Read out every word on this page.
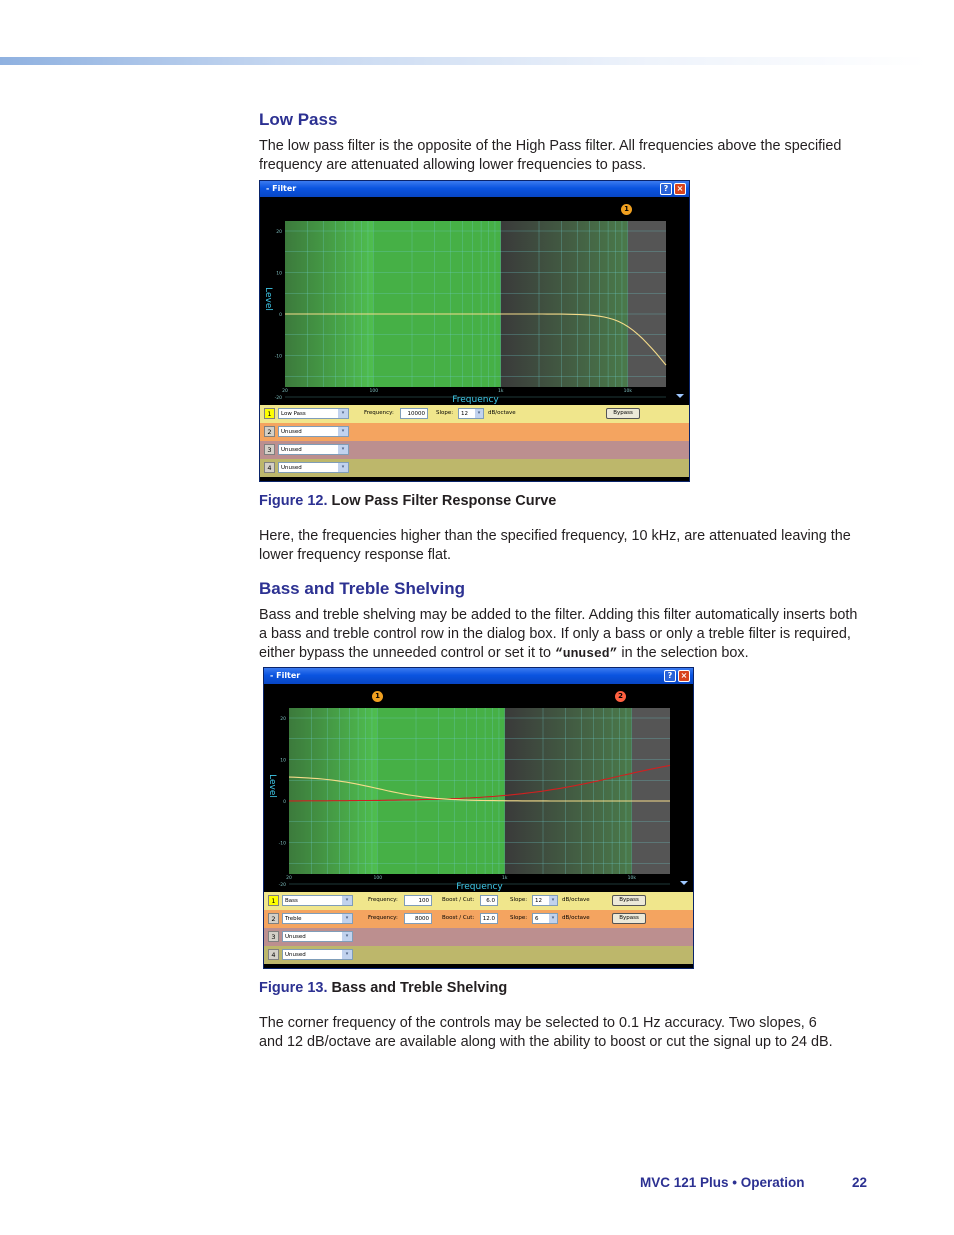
Low Pass

The low pass filter is the opposite of the High Pass filter. All frequencies above the specified frequency are attenuated allowing lower frequencies to pass.

- Filter	?	×
20
10
0
-10
-20
20	100	1k	10k
Level
Frequency
1
1	Low Pass	▾	Frequency:	10000	Slope:	12	▾	dB/octave	Bypass
2	Unused	▾
3	Unused	▾
4	Unused	▾

Figure 12. Low Pass Filter Response Curve

Here, the frequencies higher than the specified frequency, 10 kHz, are attenuated leaving the lower frequency response flat.

Bass and Treble Shelving

Bass and treble shelving may be added to the filter. Adding this filter automatically inserts both a bass and treble control row in the dialog box. If only a bass or only a treble filter is required, either bypass the unneeded control or set it to “unused” in the selection box.

- Filter	?	×
20
10
0
-10
-20
20	100	1k	10k
Level
Frequency
1	2
1	Bass	▾	Frequency:	100	Boost / Cut:	6.0	Slope:	12	▾	dB/octave	Bypass
2	Treble	▾	Frequency:	8000	Boost / Cut:	12.0	Slope:	6	▾	dB/octave	Bypass
3	Unused	▾
4	Unused	▾

Figure 13. Bass and Treble Shelving

The corner frequency of the controls may be selected to 0.1 Hz accuracy. Two slopes, 6 and 12 dB/octave are available along with the ability to boost or cut the signal up to 24 dB.

MVC 121 Plus • Operation	22
